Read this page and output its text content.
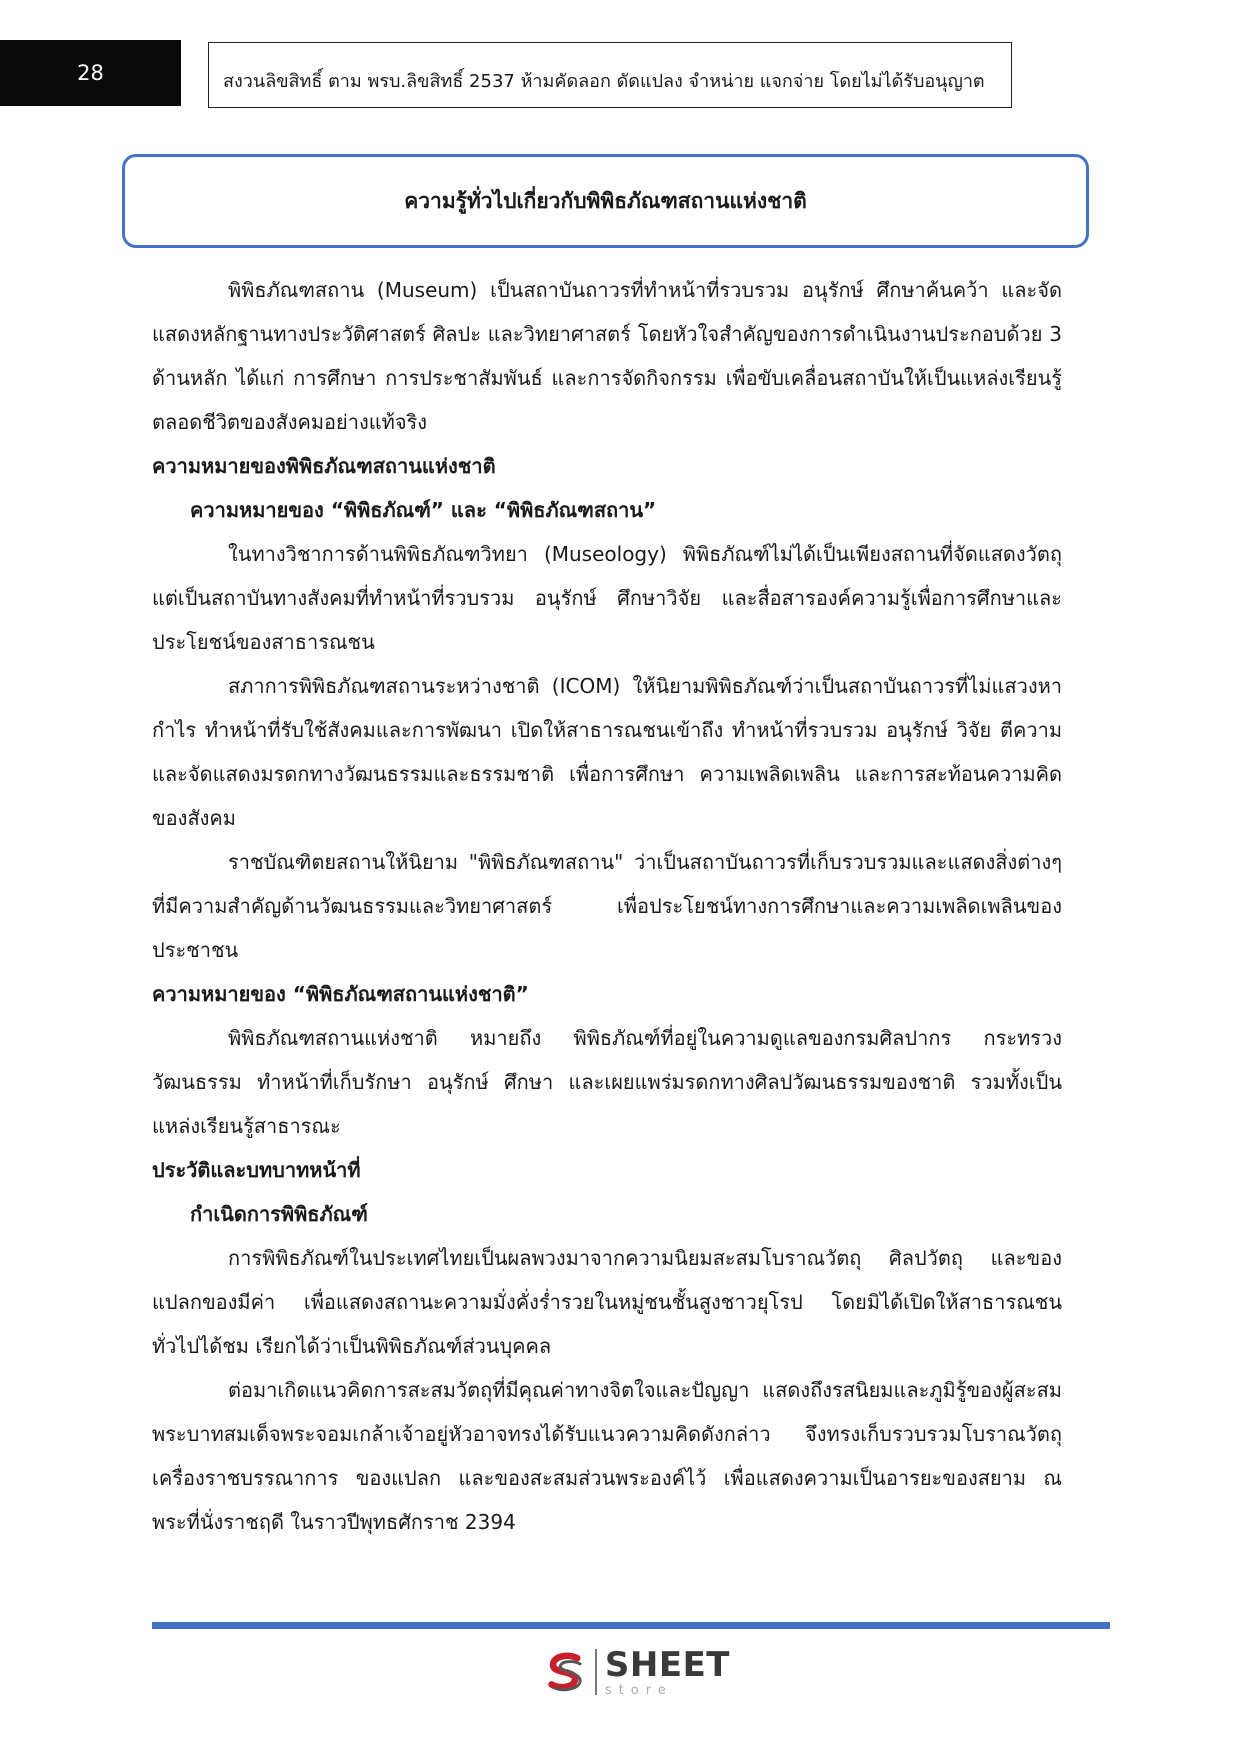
28	สงวนลิขสิทธิ์ ตาม พรบ.ลิขสิทธิ์ 2537 ห้ามคัดลอก ดัดแปลง จำหน่าย แจกจ่าย โดยไม่ได้รับอนุญาต
ความรู้ทั่วไปเกี่ยวกับพิพิธภัณฑสถานแห่งชาติ

พิพิธภัณฑสถาน (Museum) เป็นสถาบันถาวรที่ทำหน้าที่รวบรวม อนุรักษ์ ศึกษาค้นคว้า และจัดแสดงหลักฐานทางประวัติศาสตร์ ศิลปะ และวิทยาศาสตร์ โดยหัวใจสำคัญของการดำเนินงานประกอบด้วย 3 ด้านหลัก ได้แก่ การศึกษา การประชาสัมพันธ์ และการจัดกิจกรรม เพื่อขับเคลื่อนสถาบันให้เป็นแหล่งเรียนรู้ตลอดชีวิตของสังคมอย่างแท้จริง

ความหมายของพิพิธภัณฑสถานแห่งชาติ
ความหมายของ “พิพิธภัณฑ์” และ “พิพิธภัณฑสถาน”

ในทางวิชาการด้านพิพิธภัณฑวิทยา (Museology) พิพิธภัณฑ์ไม่ได้เป็นเพียงสถานที่จัดแสดงวัตถุ แต่เป็นสถาบันทางสังคมที่ทำหน้าที่รวบรวม อนุรักษ์ ศึกษาวิจัย และสื่อสารองค์ความรู้เพื่อการศึกษาและประโยชน์ของสาธารณชน

สภาการพิพิธภัณฑสถานระหว่างชาติ (ICOM) ให้นิยามพิพิธภัณฑ์ว่าเป็นสถาบันถาวรที่ไม่แสวงหากำไร ทำหน้าที่รับใช้สังคมและการพัฒนา เปิดให้สาธารณชนเข้าถึง ทำหน้าที่รวบรวม อนุรักษ์ วิจัย ตีความ และจัดแสดงมรดกทางวัฒนธรรมและธรรมชาติ เพื่อการศึกษา ความเพลิดเพลิน และการสะท้อนความคิดของสังคม

ราชบัณฑิตยสถานให้นิยาม "พิพิธภัณฑสถาน" ว่าเป็นสถาบันถาวรที่เก็บรวบรวมและแสดงสิ่งต่างๆ ที่มีความสำคัญด้านวัฒนธรรมและวิทยาศาสตร์ เพื่อประโยชน์ทางการศึกษาและความเพลิดเพลินของประชาชน

ความหมายของ “พิพิธภัณฑสถานแห่งชาติ”

พิพิธภัณฑสถานแห่งชาติ หมายถึง พิพิธภัณฑ์ที่อยู่ในความดูแลของกรมศิลปากร กระทรวงวัฒนธรรม ทำหน้าที่เก็บรักษา อนุรักษ์ ศึกษา และเผยแพร่มรดกทางศิลปวัฒนธรรมของชาติ รวมทั้งเป็นแหล่งเรียนรู้สาธารณะ

ประวัติและบทบาทหน้าที่
กำเนิดการพิพิธภัณฑ์

การพิพิธภัณฑ์ในประเทศไทยเป็นผลพวงมาจากความนิยมสะสมโบราณวัตถุ ศิลปวัตถุ และของแปลกของมีค่า เพื่อแสดงสถานะความมั่งคั่งร่ำรวยในหมู่ชนชั้นสูงชาวยุโรป โดยมิได้เปิดให้สาธารณชนทั่วไปได้ชม เรียกได้ว่าเป็นพิพิธภัณฑ์ส่วนบุคคล

ต่อมาเกิดแนวคิดการสะสมวัตถุที่มีคุณค่าทางจิตใจและปัญญา แสดงถึงรสนิยมและภูมิรู้ของผู้สะสม พระบาทสมเด็จพระจอมเกล้าเจ้าอยู่หัวอาจทรงได้รับแนวความคิดดังกล่าว จึงทรงเก็บรวบรวมโบราณวัตถุ เครื่องราชบรรณาการ ของแปลก และของสะสมส่วนพระองค์ไว้ เพื่อแสดงความเป็นอารยะของสยาม ณ พระที่นั่งราชฤดี ในราวปีพุทธศักราช 2394

SHEET
store
